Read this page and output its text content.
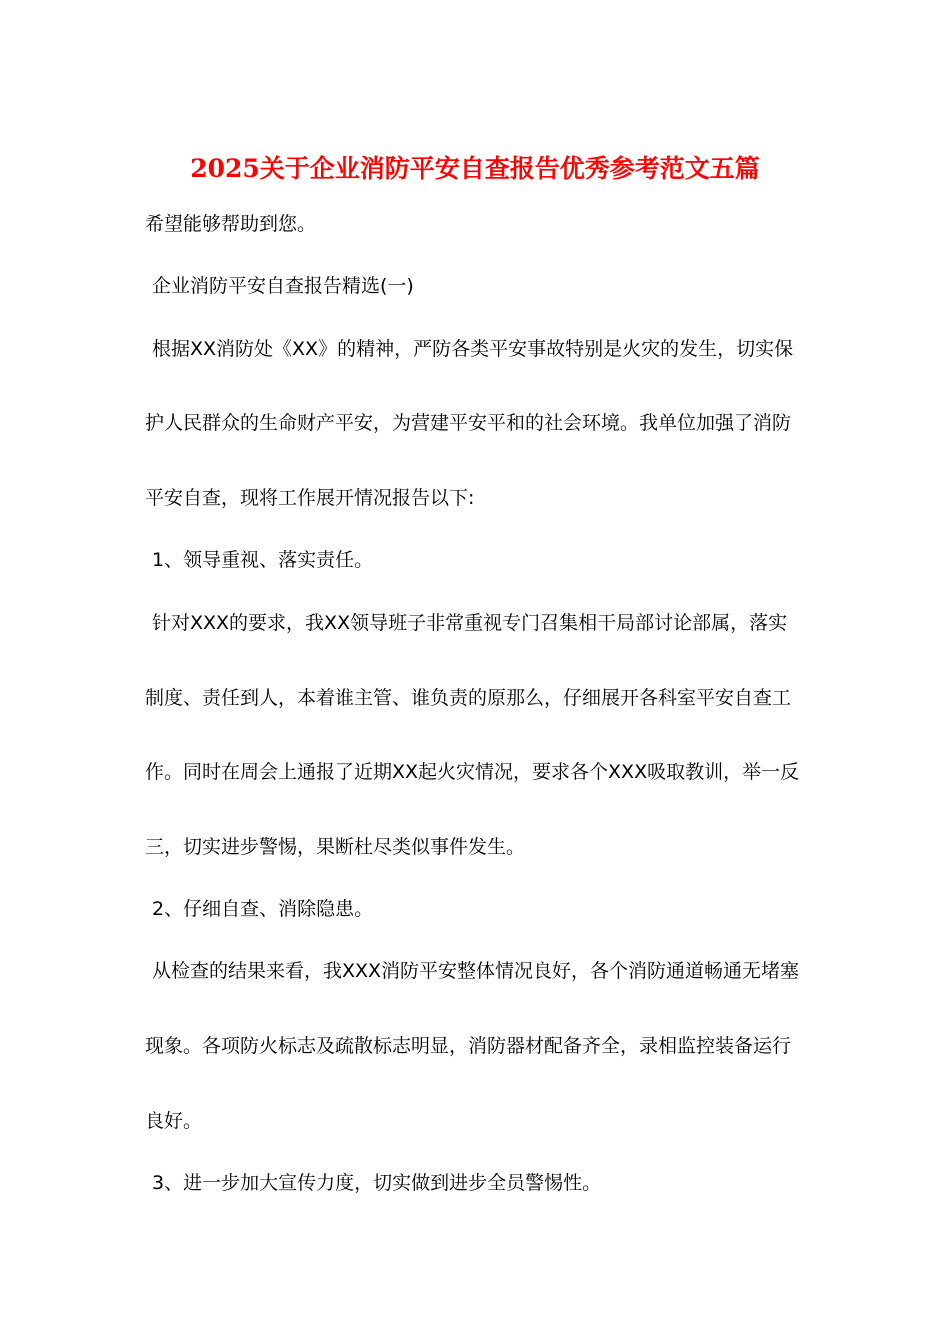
2025关于企业消防平安自查报告优秀参考范文五篇
希望能够帮助到您。
企业消防平安自查报告精选(一)
根据XX消防处《XX》的精神，严防各类平安事故特别是火灾的发生，切实保
护人民群众的生命财产平安，为营建平安平和的社会环境。我单位加强了消防
平安自查，现将工作展开情况报告以下:
1、领导重视、落实责任。
针对XXX的要求，我XX领导班子非常重视专门召集相干局部讨论部属，落实
制度、责任到人，本着谁主管、谁负责的原那么，仔细展开各科室平安自查工
作。同时在周会上通报了近期XX起火灾情况，要求各个XXX吸取教训，举一反
三，切实进步警惕，果断杜尽类似事件发生。
2、仔细自查、消除隐患。
从检查的结果来看，我XXX消防平安整体情况良好，各个消防通道畅通无堵塞
现象。各项防火标志及疏散标志明显，消防器材配备齐全，录相监控装备运行
良好。
3、进一步加大宣传力度，切实做到进步全员警惕性。
